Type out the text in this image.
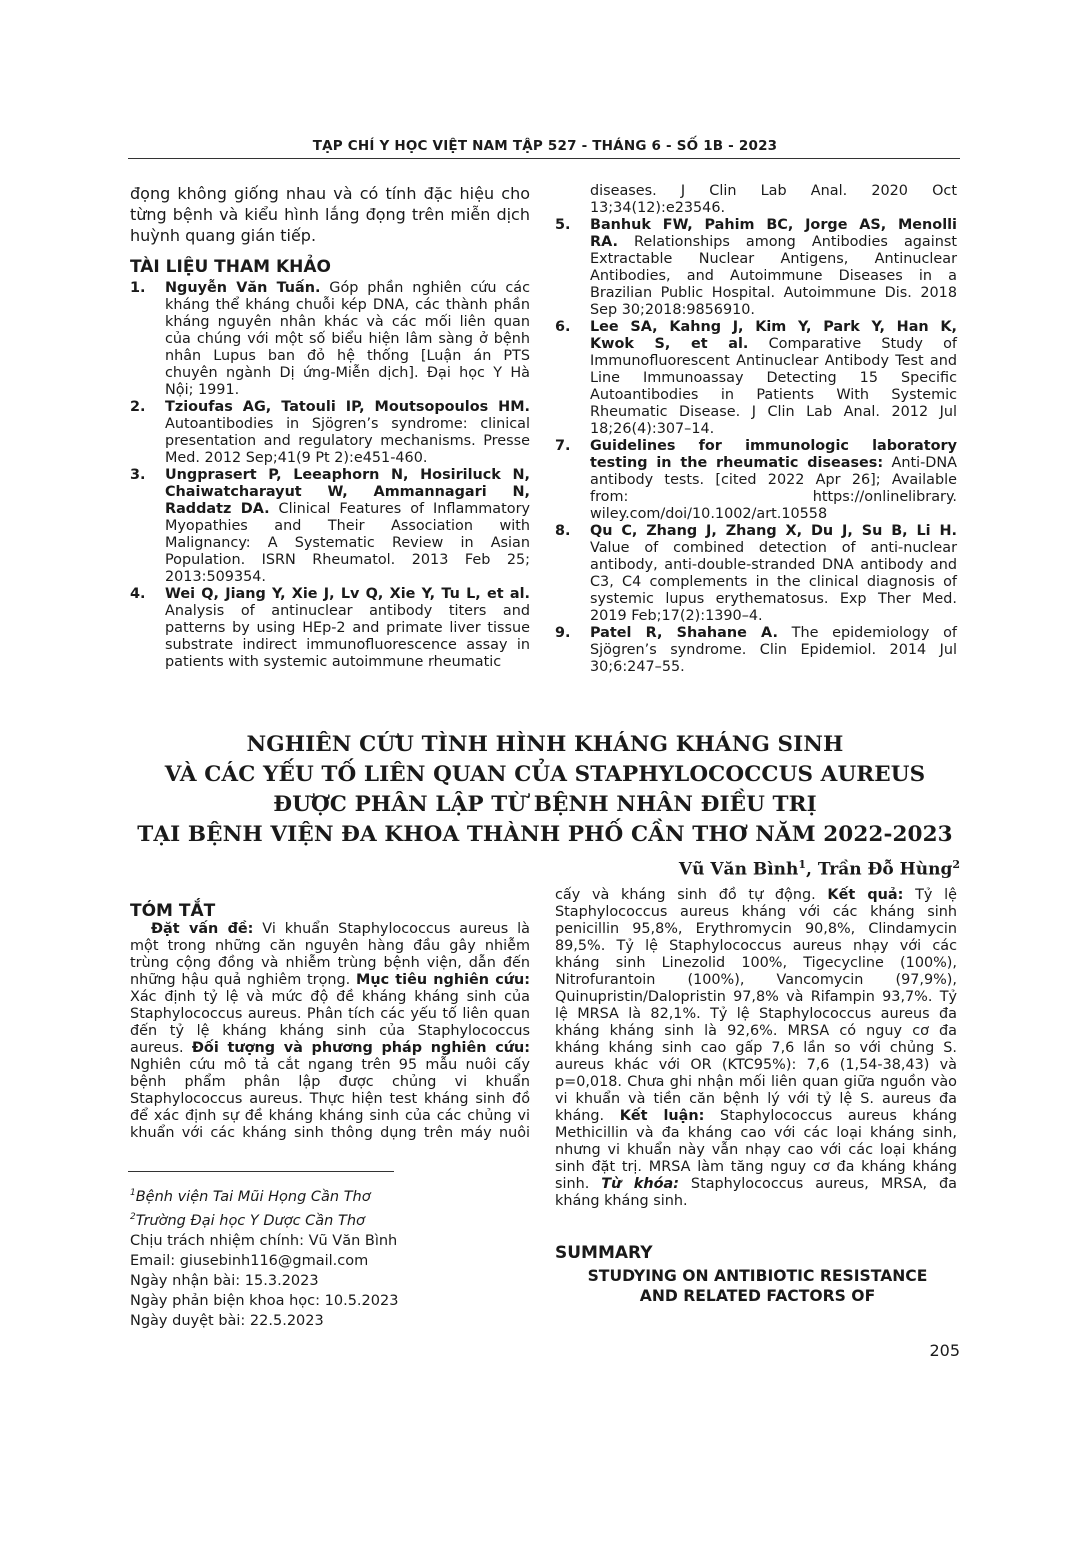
TẠP CHÍ Y HỌC VIỆT NAM TẬP 527 - THÁNG 6 - SỐ 1B - 2023
đọng không giống nhau và có tính đặc hiệu cho
từng bệnh và kiểu hình lắng đọng trên miễn dịch
huỳnh quang gián tiếp.
TÀI LIỆU THAM KHẢO
1. Nguyễn Văn Tuấn. Góp phần nghiên cứu các
kháng thể kháng chuỗi kép DNA, các thành phần
kháng nguyên nhân khác và các mối liên quan
của chúng với một số biểu hiện lâm sàng ở bệnh
nhân Lupus ban đỏ hệ thống [Luận án PTS
chuyên ngành Dị ứng-Miễn dịch]. Đại học Y Hà
Nội; 1991.
2. Tzioufas AG, Tatouli IP, Moutsopoulos HM.
Autoantibodies in Sjögren’s syndrome: clinical
presentation and regulatory mechanisms. Presse
Med. 2012 Sep;41(9 Pt 2):e451-460.
3. Ungprasert P, Leeaphorn N, Hosiriluck N,
Chaiwatcharayut W, Ammannagari N,
Raddatz DA. Clinical Features of Inflammatory
Myopathies and Their Association with
Malignancy: A Systematic Review in Asian
Population. ISRN Rheumatol. 2013 Feb 25;
2013:509354.
4. Wei Q, Jiang Y, Xie J, Lv Q, Xie Y, Tu L, et al.
Analysis of antinuclear antibody titers and
patterns by using HEp-2 and primate liver tissue
substrate indirect immunofluorescence assay in
patients with systemic autoimmune rheumatic
diseases. J Clin Lab Anal. 2020 Oct
13;34(12):e23546.
5. Banhuk FW, Pahim BC, Jorge AS, Menolli
RA. Relationships among Antibodies against
Extractable Nuclear Antigens, Antinuclear
Antibodies, and Autoimmune Diseases in a
Brazilian Public Hospital. Autoimmune Dis. 2018
Sep 30;2018:9856910.
6. Lee SA, Kahng J, Kim Y, Park Y, Han K,
Kwok S, et al. Comparative Study of
Immunofluorescent Antinuclear Antibody Test and
Line Immunoassay Detecting 15 Specific
Autoantibodies in Patients With Systemic
Rheumatic Disease. J Clin Lab Anal. 2012 Jul
18;26(4):307–14.
7. Guidelines for immunologic laboratory
testing in the rheumatic diseases: Anti-DNA
antibody tests. [cited 2022 Apr 26]; Available
from: https://onlinelibrary.
wiley.com/doi/10.1002/art.10558
8. Qu C, Zhang J, Zhang X, Du J, Su B, Li H.
Value of combined detection of anti-nuclear
antibody, anti-double-stranded DNA antibody and
C3, C4 complements in the clinical diagnosis of
systemic lupus erythematosus. Exp Ther Med.
2019 Feb;17(2):1390–4.
9. Patel R, Shahane A. The epidemiology of
Sjögren’s syndrome. Clin Epidemiol. 2014 Jul
30;6:247–55.
NGHIÊN CỨU TÌNH HÌNH KHÁNG KHÁNG SINH
VÀ CÁC YẾU TỐ LIÊN QUAN CỦA STAPHYLOCOCCUS AUREUS
ĐƯỢC PHÂN LẬP TỪ BỆNH NHÂN ĐIỀU TRỊ
TẠI BỆNH VIỆN ĐA KHOA THÀNH PHỐ CẦN THƠ NĂM 2022-2023
Vũ Văn Bình$^1$, Trần Đỗ Hùng$^2$
TÓM TẮT
Đặt vấn đề: Vi khuẩn Staphylococcus aureus là
một trong những căn nguyên hàng đầu gây nhiễm
trùng cộng đồng và nhiễm trùng bệnh viện, dẫn đến
những hậu quả nghiêm trọng. Mục tiêu nghiên cứu:
Xác định tỷ lệ và mức độ đề kháng kháng sinh của
Staphylococcus aureus. Phân tích các yếu tố liên quan
đến tỷ lệ kháng kháng sinh của Staphylococcus
aureus. Đối tượng và phương pháp nghiên cứu:
Nghiên cứu mô tả cắt ngang trên 95 mẫu nuôi cấy
bệnh phẩm phân lập được chủng vi khuẩn
Staphylococcus aureus. Thực hiện test kháng sinh đồ
để xác định sự đề kháng kháng sinh của các chủng vi
khuẩn với các kháng sinh thông dụng trên máy nuôi
cấy và kháng sinh đồ tự động. Kết quả: Tỷ lệ
Staphylococcus aureus kháng với các kháng sinh
penicillin 95,8%, Erythromycin 90,8%, Clindamycin
89,5%. Tỷ lệ Staphylococcus aureus nhạy với các
kháng sinh Linezolid 100%, Tigecycline (100%),
Nitrofurantoin (100%), Vancomycin (97,9%),
Quinupristin/Dalopristin 97,8% và Rifampin 93,7%. Tỷ
lệ MRSA là 82,1%. Tỷ lệ Staphylococcus aureus đa
kháng kháng sinh là 92,6%. MRSA có nguy cơ đa
kháng kháng sinh cao gấp 7,6 lần so với chủng S.
aureus khác với OR (KTC95%): 7,6 (1,54-38,43) và
p=0,018. Chưa ghi nhận mối liên quan giữa nguồn vào
vi khuẩn và tiền căn bệnh lý với tỷ lệ S. aureus đa
kháng. Kết luận: Staphylococcus aureus kháng
Methicillin và đa kháng cao với các loại kháng sinh,
nhưng vi khuẩn này vẫn nhạy cao với các loại kháng
sinh đặt trị. MRSA làm tăng nguy cơ đa kháng kháng
sinh. Từ khóa: Staphylococcus aureus, MRSA, đa
kháng kháng sinh.
$^1$Bệnh viện Tai Mũi Họng Cần Thơ
$^2$Trường Đại học Y Dược Cần Thơ
Chịu trách nhiệm chính: Vũ Văn Bình
Email: giusebinh116@gmail.com
Ngày nhận bài: 15.3.2023
Ngày phản biện khoa học: 10.5.2023
Ngày duyệt bài: 22.5.2023
SUMMARY
STUDYING ON ANTIBIOTIC RESISTANCE
AND RELATED FACTORS OF
205
